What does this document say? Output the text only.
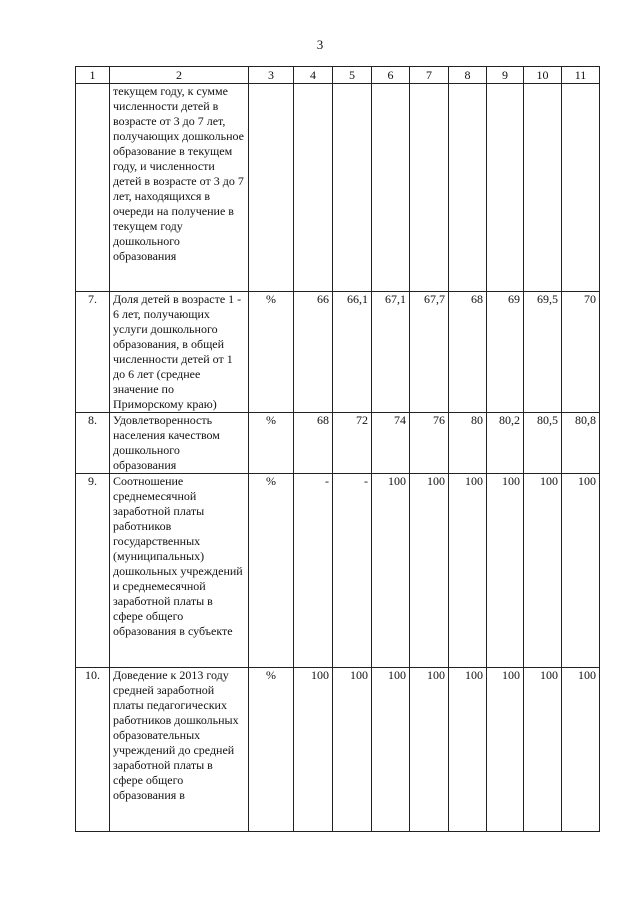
3
1	2	3	4	5	6	7	8	9	10	11
	текущем году, к сумме численности детей в возрасте от 3 до 7 лет, получающих дошкольное образование в текущем году, и численности детей в возрасте от 3 до 7 лет, находящихся в очереди на получение в текущем году дошкольного образования									
7.	Доля детей в возрасте 1 - 6 лет, получающих услуги дошкольного образования, в общей численности детей от 1 до 6 лет (среднее значение по Приморскому краю)	%	66	66,1	67,1	67,7	68	69	69,5	70
8.	Удовлетворенность населения качеством дошкольного образования	%	68	72	74	76	80	80,2	80,5	80,8
9.	Соотношение среднемесячной заработной платы работников государственных (муниципальных) дошкольных учреждений и среднемесячной заработной платы в сфере общего образования в субъекте	%	-	-	100	100	100	100	100	100
10.	Доведение к 2013 году средней заработной платы педагогических работников дошкольных образовательных учреждений до средней заработной платы в сфере общего образования в	%	100	100	100	100	100	100	100	100
